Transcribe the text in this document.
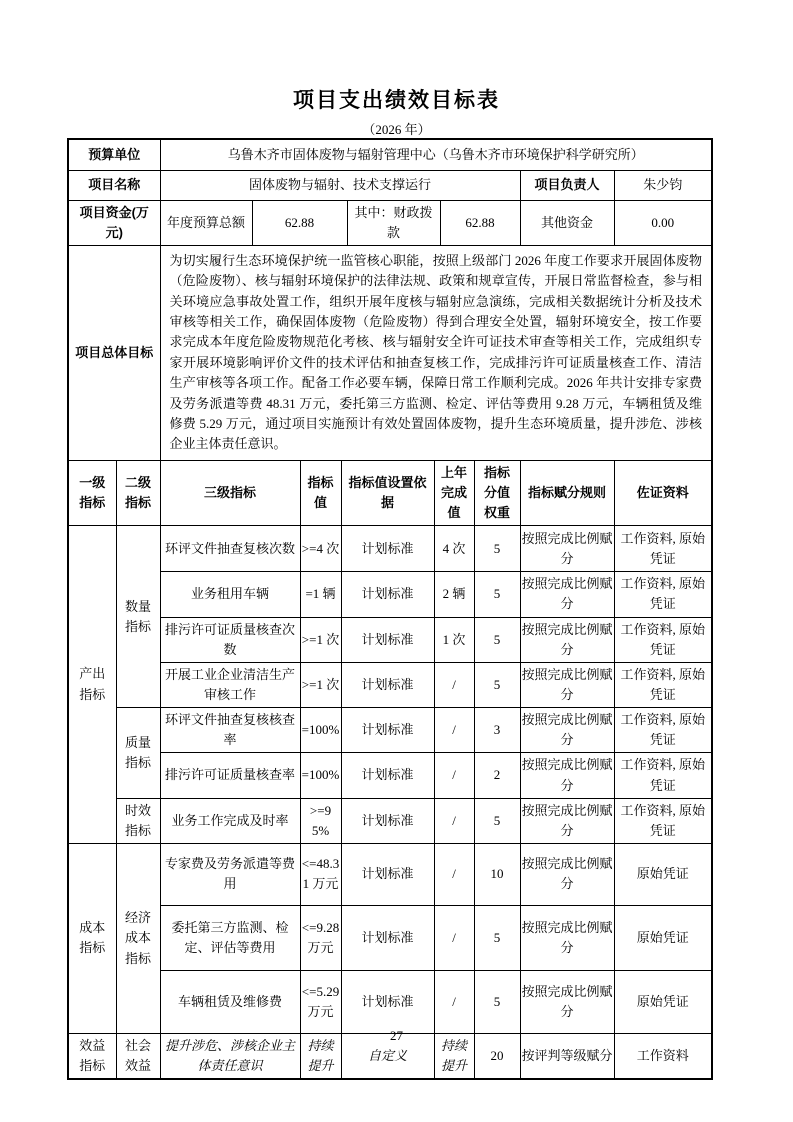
项目支出绩效目标表
（2026 年）
预算单位	乌鲁木齐市固体废物与辐射管理中心（乌鲁木齐市环境保护科学研究所）					
项目名称	固体废物与辐射、技术支撑运行				项目负责人	朱少钧
项目资金(万元)	年度预算总额	62.88	其中：财政拨款	62.88	其他资金	0.00
项目总体目标	为切实履行生态环境保护统一监管核心职能，按照上级部门 2026 年度工作要求开展固体废物（危险废物）、核与辐射环境保护的法律法规、政策和规章宣传，开展日常监督检查，参与相关环境应急事故处置工作，组织开展年度核与辐射应急演练，完成相关数据统计分析及技术审核等相关工作，确保固体废物（危险废物）得到合理安全处置，辐射环境安全，按工作要求完成本年度危险废物规范化考核、核与辐射安全许可证技术审查等相关工作，完成组织专家开展环境影响评价文件的技术评估和抽查复核工作，完成排污许可证质量核查工作、清洁生产审核等各项工作。配备工作必要车辆，保障日常工作顺利完成。2026 年共计安排专家费及劳务派遣等费 48.31 万元，委托第三方监测、检定、评估等费用 9.28 万元，车辆租赁及维修费 5.29 万元，通过项目实施预计有效处置固体废物，提升生态环境质量，提升涉危、涉核企业主体责任意识。					
一级指标	二级指标	三级指标	指标值	指标值设置依据	上年完成值	指标分值权重	指标赋分规则	佐证资料
产出指标	数量指标	环评文件抽查复核次数	>=4 次	计划标准	4 次	5	按照完成比例赋分	工作资料, 原始凭证
		业务租用车辆	=1 辆	计划标准	2 辆	5	按照完成比例赋分	工作资料, 原始凭证
		排污许可证质量核查次数	>=1 次	计划标准	1 次	5	按照完成比例赋分	工作资料, 原始凭证
		开展工业企业清洁生产审核工作	>=1 次	计划标准	/	5	按照完成比例赋分	工作资料, 原始凭证
	质量指标	环评文件抽查复核核查率	=100%	计划标准	/	3	按照完成比例赋分	工作资料, 原始凭证
		排污许可证质量核查率	=100%	计划标准	/	2	按照完成比例赋分	工作资料, 原始凭证
	时效指标	业务工作完成及时率	>=95%	计划标准	/	5	按照完成比例赋分	工作资料, 原始凭证
成本指标	经济成本指标	专家费及劳务派遣等费用	<=48.31 万元	计划标准	/	10	按照完成比例赋分	原始凭证
		委托第三方监测、检定、评估等费用	<=9.28 万元	计划标准	/	5	按照完成比例赋分	原始凭证
		车辆租赁及维修费	<=5.29 万元	计划标准	/	5	按照完成比例赋分	原始凭证
效益指标	社会效益	提升涉危、涉核企业主体责任意识	持续提升	自定义	持续提升	20	按评判等级赋分	工作资料
27
